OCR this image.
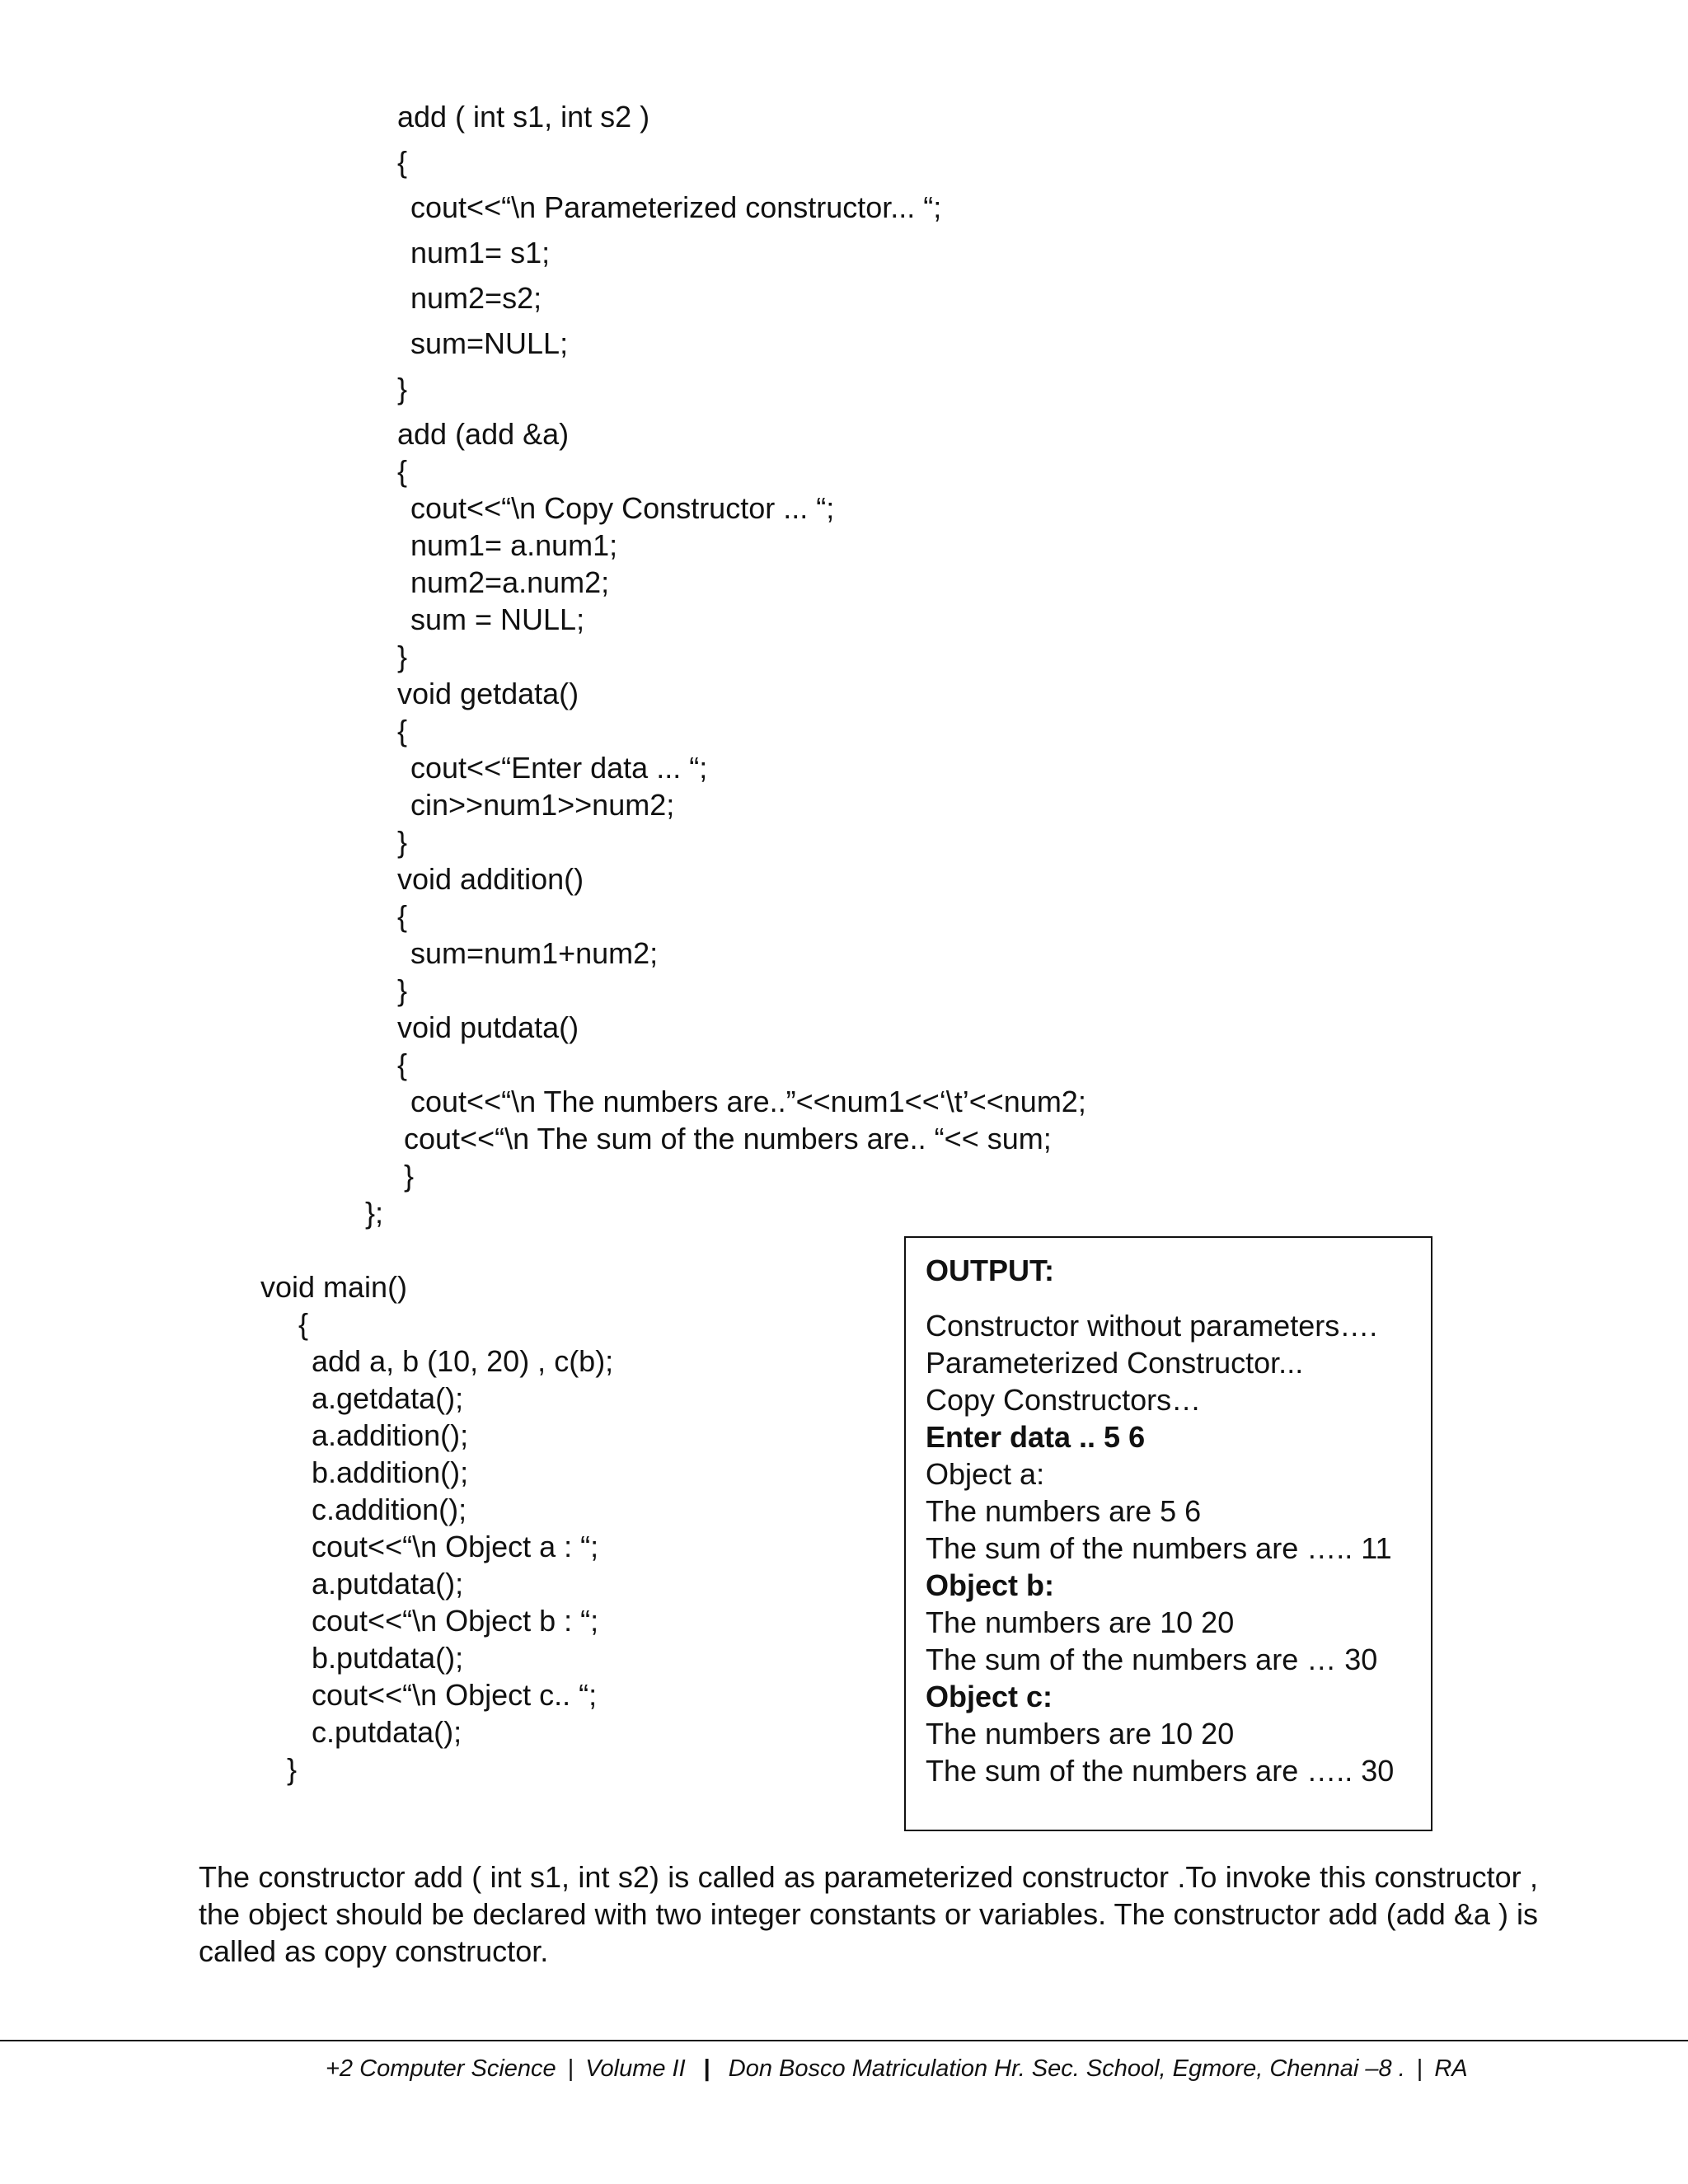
add ( int s1, int s2 )
{
cout<<“\n Parameterized constructor... “;
num1= s1;
num2=s2;
sum=NULL;
}
add (add &a)
{
cout<<“\n Copy Constructor ... “;
num1= a.num1;
num2=a.num2;
sum = NULL;
}
void getdata()
{
cout<<“Enter data ... “;
cin>>num1>>num2;
}
void addition()
{
sum=num1+num2;
}
void putdata()
{
cout<<“\n The numbers are..”<<num1<<‘\t’<<num2;
cout<<“\n The sum of the numbers are.. “<< sum;
}
};
void main()
{
add a, b (10, 20) , c(b);
a.getdata();
a.addition();
b.addition();
c.addition();
cout<<“\n Object a : “;
a.putdata();
cout<<“\n Object b : “;
b.putdata();
cout<<“\n Object c.. “;
c.putdata();
}
OUTPUT:
Constructor without parameters….
Parameterized Constructor...
Copy Constructors…
Enter data .. 5 6
Object a:
The numbers are 5 6
The sum of the numbers are ….. 11
Object b:
The numbers are 10 20
The sum of the numbers are … 30
Object c:
The numbers are 10 20
The sum of the numbers are ….. 30
The constructor add ( int s1, int s2) is called as parameterized constructor .To invoke this constructor , the object should be declared with two integer constants or variables. The constructor add (add &a ) is called as copy constructor.
+2 Computer Science | Volume II | Don Bosco Matriculation Hr. Sec. School, Egmore, Chennai –8 . | RA
